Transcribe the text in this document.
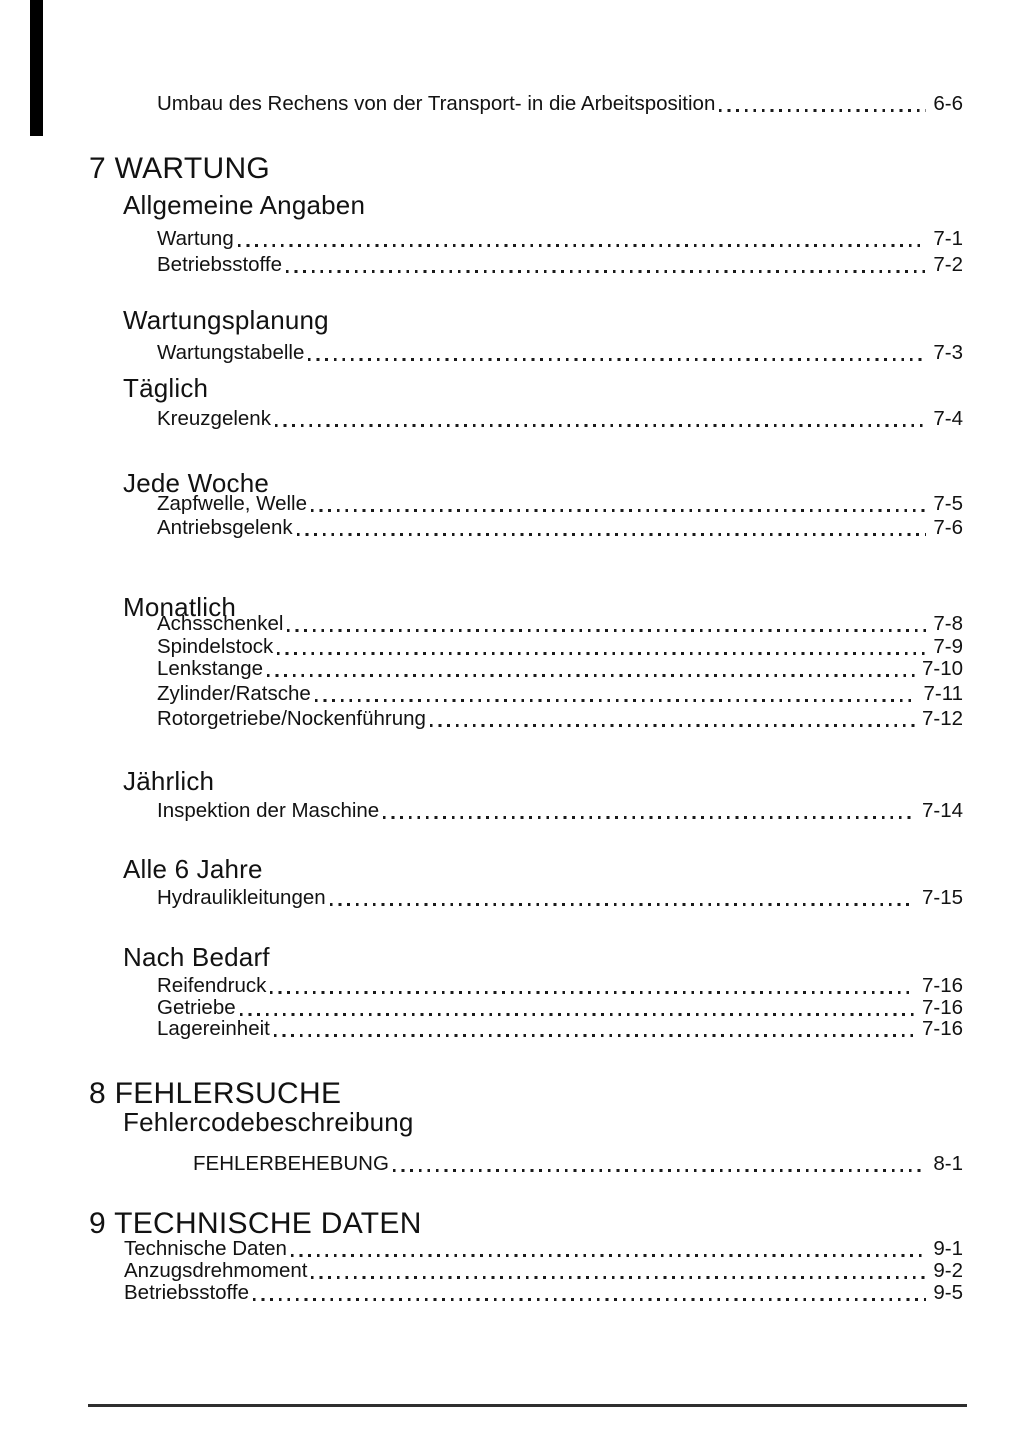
Umbau des Rechens von der Transport- in die Arbeitsposition	6-6
7 WARTUNG
Allgemeine Angaben
Wartung	7-1
Betriebsstoffe	7-2
Wartungsplanung
Wartungstabelle	7-3
Täglich
Kreuzgelenk	7-4
Jede Woche
Zapfwelle, Welle	7-5
Antriebsgelenk	7-6
Monatlich
Achsschenkel	7-8
Spindelstock	7-9
Lenkstange	7-10
Zylinder/Ratsche	7-11
Rotorgetriebe/Nockenführung	7-12
Jährlich
Inspektion der Maschine	7-14
Alle 6 Jahre
Hydraulikleitungen	7-15
Nach Bedarf
Reifendruck	7-16
Getriebe	7-16
Lagereinheit	7-16
8 FEHLERSUCHE
Fehlercodebeschreibung
FEHLERBEHEBUNG	8-1
9 TECHNISCHE DATEN
Technische Daten	9-1
Anzugsdrehmoment	9-2
Betriebsstoffe	9-5
